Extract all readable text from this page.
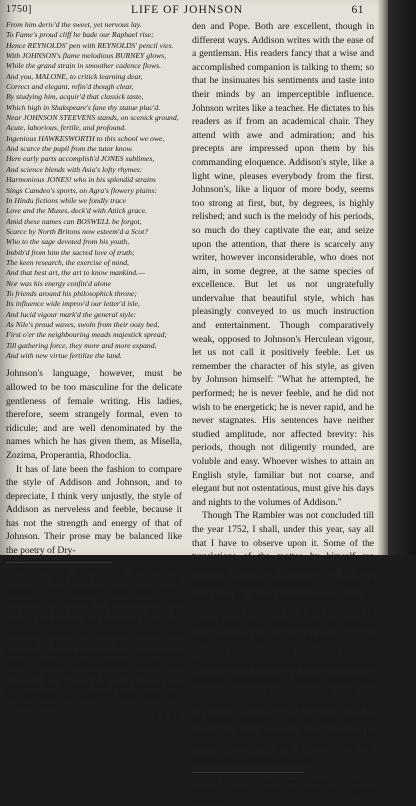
1750]	LIFE OF JOHNSON	61

From him deriv'd the sweet, yet nervous lay.

To Fame's proud cliff he bade our Raphael rise;

Hence REYNOLDS' pen with REYNOLDS' pencil vies.

With JOHNSON's flame melodious BURNEY glows,

While the grand strain in smoother cadence flows.

And you, MALONE, to critick learning dear,

Correct and elegant, refin'd though clear,

By studying him, acquir'd that classick taste,

Which high in Shakspeare's fane thy statue plac'd.

Near JOHNSON STEEVENS stands, on scenick ground,

Acute, laborious, fertile, and profound.

Ingenious HAWKESWORTH to this school we owe,

And scarce the pupil from the tutor know.

Here early parts accomplish'd JONES sublimes,

And science blends with Asia's lofty rhymes:

Harmonious JONES! who in his splendid strains

Sings Camdeo's sports, on Agra's flowery plains:

In Hindu fictions while we fondly trace

Love and the Muses, deck'd with Attick grace.

Amid these names can BOSWELL be forgot,

Scarce by North Britons now esteem'd a Scot?

Who to the sage devoted from his youth,

Imbib'd from him the sacred love of truth;

The keen research, the exercise of mind,

And that best art, the art to know mankind.—

Nor was his energy confin'd alone

To friends around his philosophick throne;

Its influence wide improv'd our letter'd isle,

And lucid vigour mark'd the general style:

As Nile's proud waves, swoln from their oozy bed,

First o'er the neighbouring meads majestick spread;

Till gathering force, they more and more expand,

And with new virtue fertilize the land.

Johnson's language, however, must be allowed to be too masculine for the delicate gentleness of female writing. His ladies, therefore, seem strangely formal, even to ridicule; and are well denominated by the names which he has given them, as Misella, Zozima, Properantia, Rhodoclia.

It has of late been the fashion to compare the style of Addison and Johnson, and to depreciate, I think very unjustly, the style of Addison as nerveless and feeble, because it has not the strength and energy of that of Johnson. Their prose may be balanced like the poetry of Dry-

"The following observation in Mr. Boswell's Journal of a Tour to the Hebrides may sufficiently account for that Gentleman's being "now scarcely esteem'd a Scot" by many of his countrymen: "If he [Dr. Johnson] was particularly prejudiced against the Scots, it was because they were more in his way; because he thought their success in England rather exceeded the due proportion of their real merit; and because he could not but see in them that nationality which, I believe, no liberal-minded Scotsman will deny." Mr. Boswell, indeed, is so free from national prejudices, that he might with equal propriety have been described as— "Scarce by South Britons now esteem'd a Scot."

COURTENAY

den and Pope. Both are excellent, though in different ways. Addison writes with the ease of a gentleman. His readers fancy that a wise and accomplished companion is talking to them; so that he insinuates his sentiments and taste into their minds by an imperceptible influence. Johnson writes like a teacher. He dictates to his readers as if from an academical chair. They attend with awe and admiration; and his precepts are impressed upon them by his commanding eloquence. Addison's style, like a light wine, pleases everybody from the first. Johnson's, like a liquor of more body, seems too strong at first, but, by degrees, is highly relished; and such is the melody of his periods, so much do they captivate the ear, and seize upon the attention, that there is scarcely any writer, however inconsiderable, who does not aim, in some degree, at the same species of excellence. But let us not ungratefully undervalue that beautiful style, which has pleasingly conveyed to us much instruction and entertainment. Though comparatively weak, opposed to Johnson's Herculean vigour, let us not call it positively feeble. Let us remember the character of his style, as given by Johnson himself: "What he attempted, he performed; he is never feeble, and he did not wish to be energetick; he is never rapid, and he never stagnates. His sentences have neither studied amplitude, nor affected brevity: his periods, though not diligently rounded, are voluble and easy. Whoever wishes to attain an English style, familiar but not coarse, and elegant but not ostentatious, must give his days and nights to the volumes of Addison."

Though The Rambler was not concluded till the year 1752, I shall, under this year, say all that I have to observe upon it. Some of the translations of the mottos by himself are admirably done. He acknowledges to have received "elegant translations" of many of them from Mr. James Elphinston; and some are very happily translated by a Mr. F. Lewis, of whom I never heard more, except that Johnson thus described him to Mr. Malone: "Sir, he lived in London, and hung loose upon society." The concluding paper of his Rambler is at once dignified and pathetick. I cannot, however, but wish that he had not ended it with an unnecessary Greek verse, translated also into an English couplet. It is too much like the conceit of those dramatick poets, who used to conclude each act with a rhyme; and the expression in the first line of his

I shall probably, in another work, maintain the merit of Addison's poetry, which has been very unjustly depreciated.
